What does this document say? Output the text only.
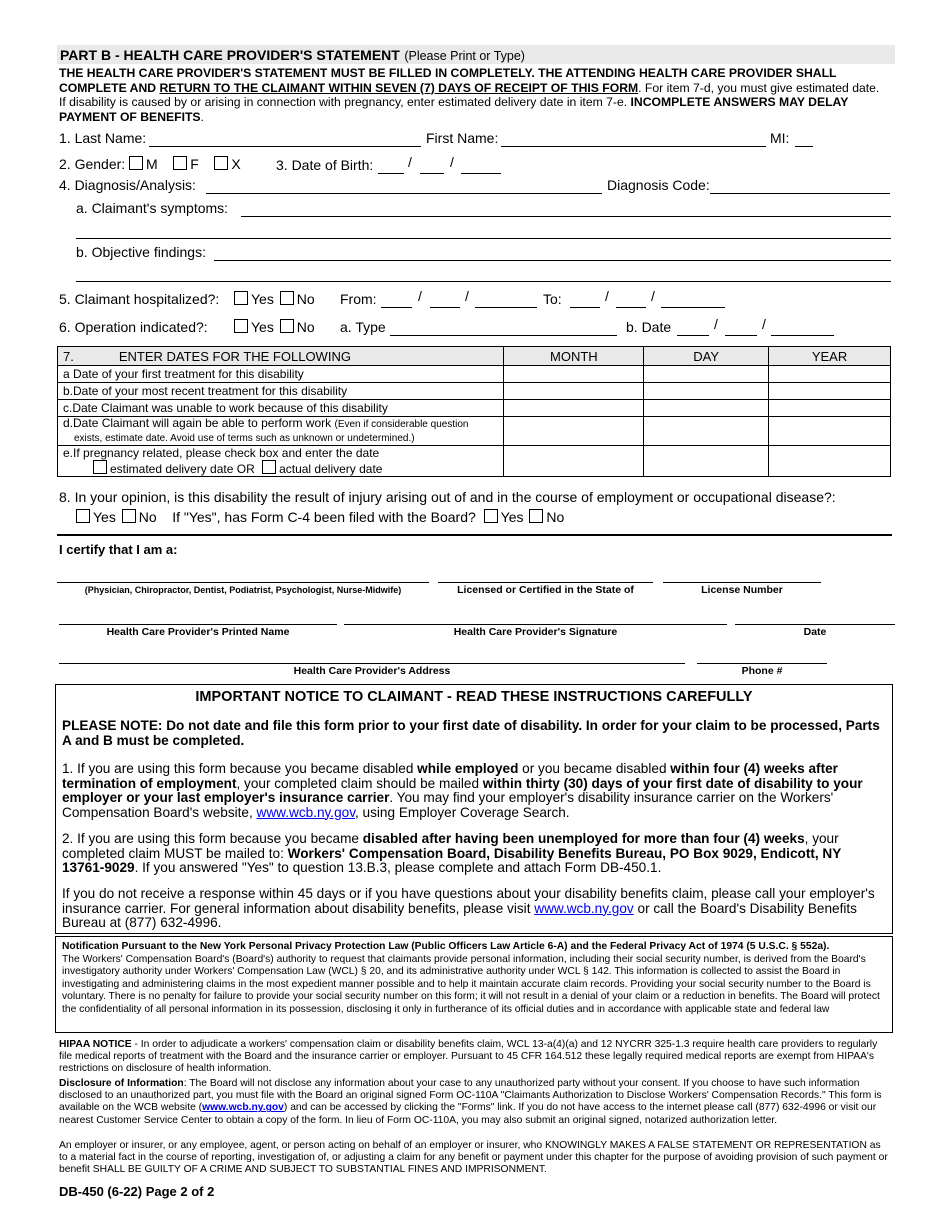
PART B - HEALTH CARE PROVIDER'S STATEMENT (Please Print or Type)
THE HEALTH CARE PROVIDER'S STATEMENT MUST BE FILLED IN COMPLETELY. THE ATTENDING HEALTH CARE PROVIDER SHALL COMPLETE AND RETURN TO THE CLAIMANT WITHIN SEVEN (7) DAYS OF RECEIPT OF THIS FORM. For item 7-d, you must give estimated date. If disability is caused by or arising in connection with pregnancy, enter estimated delivery date in item 7-e. INCOMPLETE ANSWERS MAY DELAY PAYMENT OF BENEFITS.
1. Last Name:	First Name:	MI:
2. Gender: M F X	3. Date of Birth: /	/
4. Diagnosis/Analysis:	Diagnosis Code:
a. Claimant's symptoms:
b. Objective findings:
5. Claimant hospitalized?:	Yes No From:	/	/	To:	/	/
6. Operation indicated?:	Yes No a. Type	b. Date	/	/
7. ENTER DATES FOR THE FOLLOWING	MONTH	DAY	YEAR
a Date of your first treatment for this disability			
b.Date of your most recent treatment for this disability			
c.Date Claimant was unable to work because of this disability			
d.Date Claimant will again be able to perform work (Even if considerable question
exists, estimate date. Avoid use of terms such as unknown or undetermined.)			
e.If pregnancy related, please check box and enter the date
estimated delivery date OR actual delivery date			
8. In your opinion, is this disability the result of injury arising out of and in the course of employment or occupational disease?:
Yes No If "Yes", has Form C-4 been filed with the Board? Yes No
I certify that I am a:
(Physician, Chiropractor, Dentist, Podiatrist, Psychologist, Nurse-Midwife)	Licensed or Certified in the State of	License Number
Health Care Provider's Printed Name	Health Care Provider's Signature	Date
Health Care Provider's Address	Phone #
IMPORTANT NOTICE TO CLAIMANT - READ THESE INSTRUCTIONS CAREFULLY

PLEASE NOTE: Do not date and file this form prior to your first date of disability. In order for your claim to be processed, Parts A and B must be completed.

1. If you are using this form because you became disabled while employed or you became disabled within four (4) weeks after termination of employment, your completed claim should be mailed within thirty (30) days of your first date of disability to your employer or your last employer's insurance carrier. You may find your employer's disability insurance carrier on the Workers' Compensation Board's website, www.wcb.ny.gov, using Employer Coverage Search.

2. If you are using this form because you became disabled after having been unemployed for more than four (4) weeks, your completed claim MUST be mailed to: Workers' Compensation Board, Disability Benefits Bureau, PO Box 9029, Endicott, NY 13761-9029. If you answered "Yes" to question 13.B.3, please complete and attach Form DB-450.1.

If you do not receive a response within 45 days or if you have questions about your disability benefits claim, please call your employer's insurance carrier. For general information about disability benefits, please visit www.wcb.ny.gov or call the Board's Disability Benefits Bureau at (877) 632-4996.

Notification Pursuant to the New York Personal Privacy Protection Law (Public Officers Law Article 6-A) and the Federal Privacy Act of 1974 (5 U.S.C. § 552a).
The Workers' Compensation Board's (Board's) authority to request that claimants provide personal information, including their social security number, is derived from the Board's investigatory authority under Workers' Compensation Law (WCL) § 20, and its administrative authority under WCL § 142. This information is collected to assist the Board in investigating and administering claims in the most expedient manner possible and to help it maintain accurate claim records. Providing your social security number to the Board is voluntary. There is no penalty for failure to provide your social security number on this form; it will not result in a denial of your claim or a reduction in benefits. The Board will protect the confidentiality of all personal information in its possession, disclosing it only in furtherance of its official duties and in accordance with applicable state and federal law
HIPAA NOTICE - In order to adjudicate a workers' compensation claim or disability benefits claim, WCL 13-a(4)(a) and 12 NYCRR 325-1.3 require health care providers to regularly file medical reports of treatment with the Board and the insurance carrier or employer. Pursuant to 45 CFR 164.512 these legally required medical reports are exempt from HIPAA's restrictions on disclosure of health information.
Disclosure of Information: The Board will not disclose any information about your case to any unauthorized party without your consent. If you choose to have such information disclosed to an unauthorized part, you must file with the Board an original signed Form OC-110A "Claimants Authorization to Disclose Workers' Compensation Records." This form is available on the WCB website (www.wcb.ny.gov) and can be accessed by clicking the "Forms" link. If you do not have access to the internet please call (877) 632-4996 or visit our nearest Customer Service Center to obtain a copy of the form. In lieu of Form OC-110A, you may also submit an original signed, notarized authorization letter.
An employer or insurer, or any employee, agent, or person acting on behalf of an employer or insurer, who KNOWINGLY MAKES A FALSE STATEMENT OR REPRESENTATION as to a material fact in the course of reporting, investigation of, or adjusting a claim for any benefit or payment under this chapter for the purpose of avoiding provision of such payment or benefit SHALL BE GUILTY OF A CRIME AND SUBJECT TO SUBSTANTIAL FINES AND IMPRISONMENT.
DB-450 (6-22) Page 2 of 2
